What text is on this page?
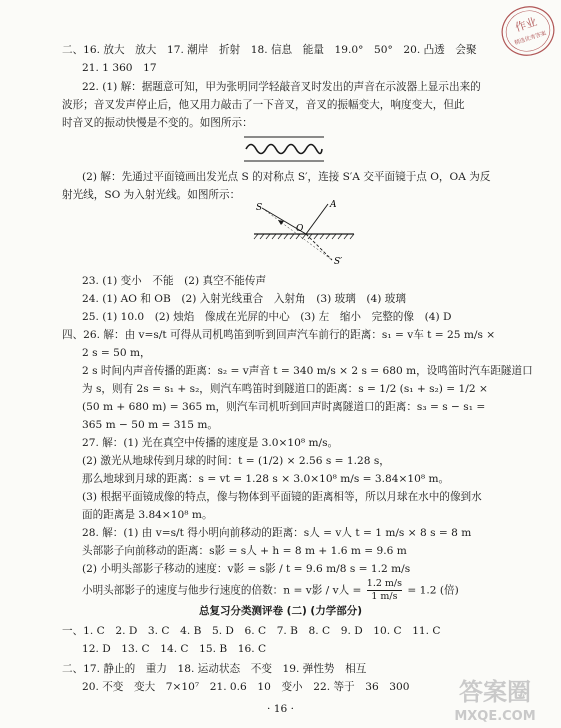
作业
精选优秀答案
二、16. 放大　放大　17. 潮岸　折射　18. 信息　能量　19.0°　50°　20. 凸透　会聚
21. 1 360　17
22. (1) 解：据题意可知，甲为张明同学轻敲音叉时发出的声音在示波器上显示出来的
波形；音叉发声停止后，他又用力敲击了一下音叉，音叉的振幅变大，响度变大，但此
时音叉的振动快慢是不变的。如图所示：
(2) 解：先通过平面镜画出发光点 S 的对称点 S′，连接 S′A 交平面镜于点 O，OA 为反
射光线，SO 为入射光线。如图所示：
S
O
A
S′
23. (1) 变小　不能　(2) 真空不能传声
24. (1) AO 和 OB　(2) 入射光线重合　入射角　(3) 玻璃　(4) 玻璃
25. (1) 10.0　(2) 烛焰　像成在光屏的中心　(3) 左　缩小　完整的像　(4) D
四、26. 解：由 v=s/t 可得从司机鸣笛到听到回声汽车前行的距离：s₁ = v车 t = 25 m/s ×
2 s = 50 m，
2 s 时间内声音传播的距离：s₂ = v声音 t = 340 m/s × 2 s = 680 m，设鸣笛时汽车距隧道口
为 s，则有 2s = s₁ + s₂，则汽车鸣笛时到隧道口的距离：s = 1/2 (s₁ + s₂) = 1/2 ×
(50 m + 680 m) = 365 m，则汽车司机听到回声时离隧道口的距离：s₃ = s − s₁ =
365 m − 50 m = 315 m。
27. 解：(1) 光在真空中传播的速度是 3.0×10⁸ m/s。
(2) 激光从地球传到月球的时间：t = (1/2) × 2.56 s = 1.28 s，
那么地球到月球的距离：s = vt = 1.28 s × 3.0×10⁸ m/s = 3.84×10⁸ m。
(3) 根据平面镜成像的特点，像与物体到平面镜的距离相等，所以月球在水中的像到水
面的距离是 3.84×10⁸ m。
28. 解：(1) 由 v=s/t 得小明向前移动的距离：s人 = v人 t = 1 m/s × 8 s = 8 m
头部影子向前移动的距离：s影 = s人 + h = 8 m + 1.6 m = 9.6 m
(2) 小明头部影子移动的速度：v影 = s影 / t = 9.6 m/8 s = 1.2 m/s
小明头部影子的速度与他步行速度的倍数：n = v影 / v人 = $\frac{1.2 m/s}{1 m/s} = 1.2$ (倍)
总复习分类测评卷 (二) (力学部分)
一、1. C　2. D　3. C　4. B　5. D　6. C　7. B　8. C　9. D　10. C　11. C
12. D　13. C　14. C　15. B　16. C
二、17. 静止的　重力　18. 运动状态　不变　19. 弹性势　相互
20. 不变　变大　7×10⁷　21. 0.6　10　变小　22. 等于　36　300
· 16 ·
答案圈
MXQE.COM
